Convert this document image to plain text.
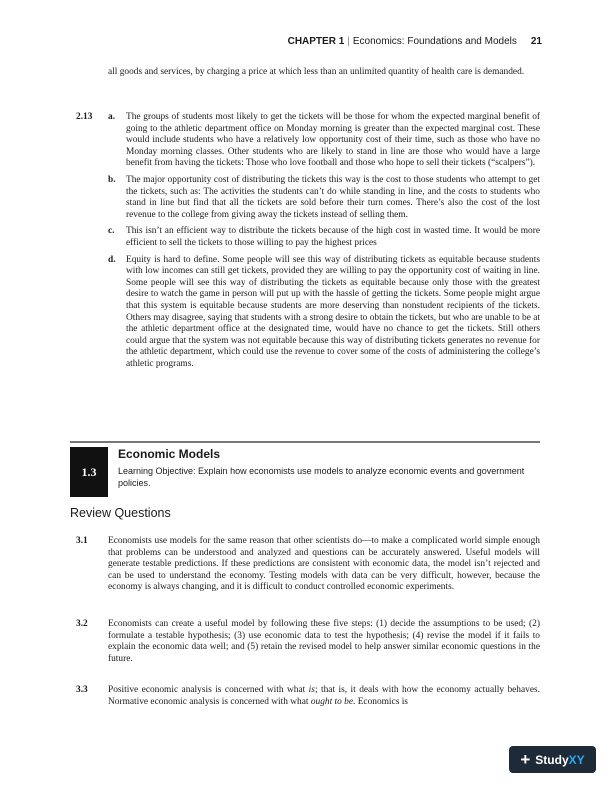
CHAPTER 1 | Economics: Foundations and Models 21
all goods and services, by charging a price at which less than an unlimited quantity of health care is demanded.
2.13 a. The groups of students most likely to get the tickets will be those for whom the expected marginal benefit of going to the athletic department office on Monday morning is greater than the expected marginal cost. These would include students who have a relatively low opportunity cost of their time, such as those who have no Monday morning classes. Other students who are likely to stand in line are those who would have a large benefit from having the tickets: Those who love football and those who hope to sell their tickets (“scalpers”).
b. The major opportunity cost of distributing the tickets this way is the cost to those students who attempt to get the tickets, such as: The activities the students can’t do while standing in line, and the costs to students who stand in line but find that all the tickets are sold before their turn comes. There’s also the cost of the lost revenue to the college from giving away the tickets instead of selling them.
c. This isn’t an efficient way to distribute the tickets because of the high cost in wasted time. It would be more efficient to sell the tickets to those willing to pay the highest prices
d. Equity is hard to define. Some people will see this way of distributing tickets as equitable because students with low incomes can still get tickets, provided they are willing to pay the opportunity cost of waiting in line. Some people will see this way of distributing the tickets as equitable because only those with the greatest desire to watch the game in person will put up with the hassle of getting the tickets. Some people might argue that this system is equitable because students are more deserving than nonstudent recipients of the tickets. Others may disagree, saying that students with a strong desire to obtain the tickets, but who are unable to be at the athletic department office at the designated time, would have no chance to get the tickets. Still others could argue that the system was not equitable because this way of distributing tickets generates no revenue for the athletic department, which could use the revenue to cover some of the costs of administering the college’s athletic programs.
1.3
Economic Models
Learning Objective: Explain how economists use models to analyze economic events and government policies.
Review Questions
3.1 Economists use models for the same reason that other scientists do—to make a complicated world simple enough that problems can be understood and analyzed and questions can be accurately answered. Useful models will generate testable predictions. If these predictions are consistent with economic data, the model isn’t rejected and can be used to understand the economy. Testing models with data can be very difficult, however, because the economy is always changing, and it is difficult to conduct controlled economic experiments.
3.2 Economists can create a useful model by following these five steps: (1) decide the assumptions to be used; (2) formulate a testable hypothesis; (3) use economic data to test the hypothesis; (4) revise the model if it fails to explain the economic data well; and (5) retain the revised model to help answer similar economic questions in the future.
3.3 Positive economic analysis is concerned with what is; that is, it deals with how the economy actually behaves. Normative economic analysis is concerned with what ought to be. Economics is
+ Study XY
